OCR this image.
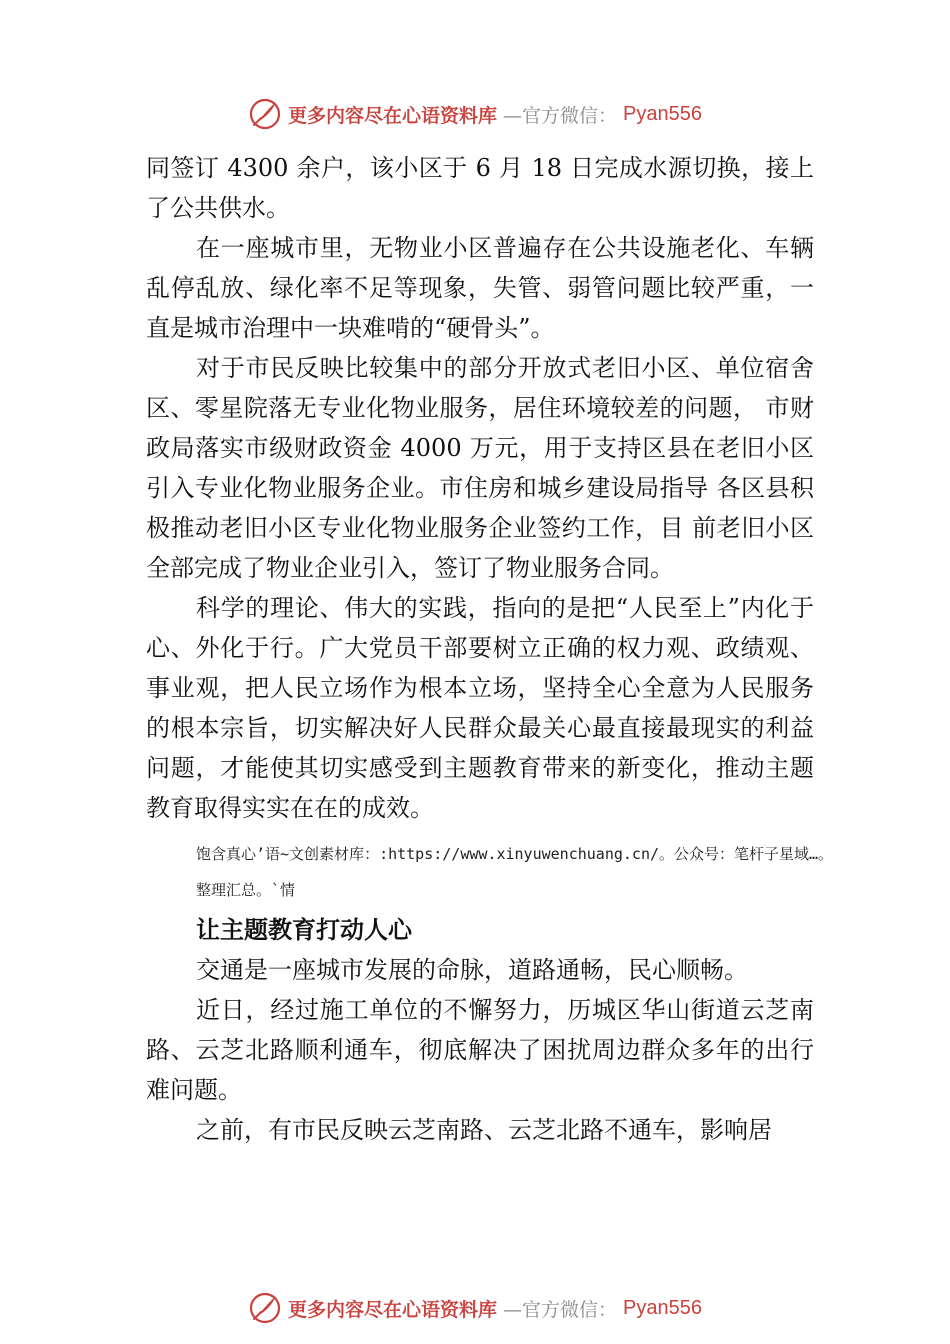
更多内容尽在心语资料库 —官方微信： Pyan556

同签订 4300 余户，该小区于 6 月 18 日完成水源切换，接上了公共供水。

在一座城市里，无物业小区普遍存在公共设施老化、车辆乱停乱放、绿化率不足等现象，失管、弱管问题比较严重，一直是城市治理中一块难啃的“硬骨头”。

对于市民反映比较集中的部分开放式老旧小区、单位宿舍区、零星院落无专业化物业服务，居住环境较差的问题， 市财政局落实市级财政资金 4000 万元，用于支持区县在老旧小区引入专业化物业服务企业。市住房和城乡建设局指导 各区县积极推动老旧小区专业化物业服务企业签约工作，目 前老旧小区全部完成了物业企业引入，签订了物业服务合同。

科学的理论、伟大的实践，指向的是把“人民至上”内化于心、外化于行。广大党员干部要树立正确的权力观、政绩观、事业观，把人民立场作为根本立场，坚持全心全意为人民服务的根本宗旨，切实解决好人民群众最关心最直接最现实的利益问题，才能使其切实感受到主题教育带来的新变化，推动主题教育取得实实在在的成效。

饱含真心’语~文创素材库：:https://www.xinyuwenchuang.cn/。公众号：笔杆子星域…。整理汇总。`情
让主题教育打动人心

交通是一座城市发展的命脉，道路通畅，民心顺畅。

近日，经过施工单位的不懈努力，历城区华山街道云芝南路、云芝北路顺利通车，彻底解决了困扰周边群众多年的出行难问题。

之前，有市民反映云芝南路、云芝北路不通车，影响居

更多内容尽在心语资料库 —官方微信： Pyan556
